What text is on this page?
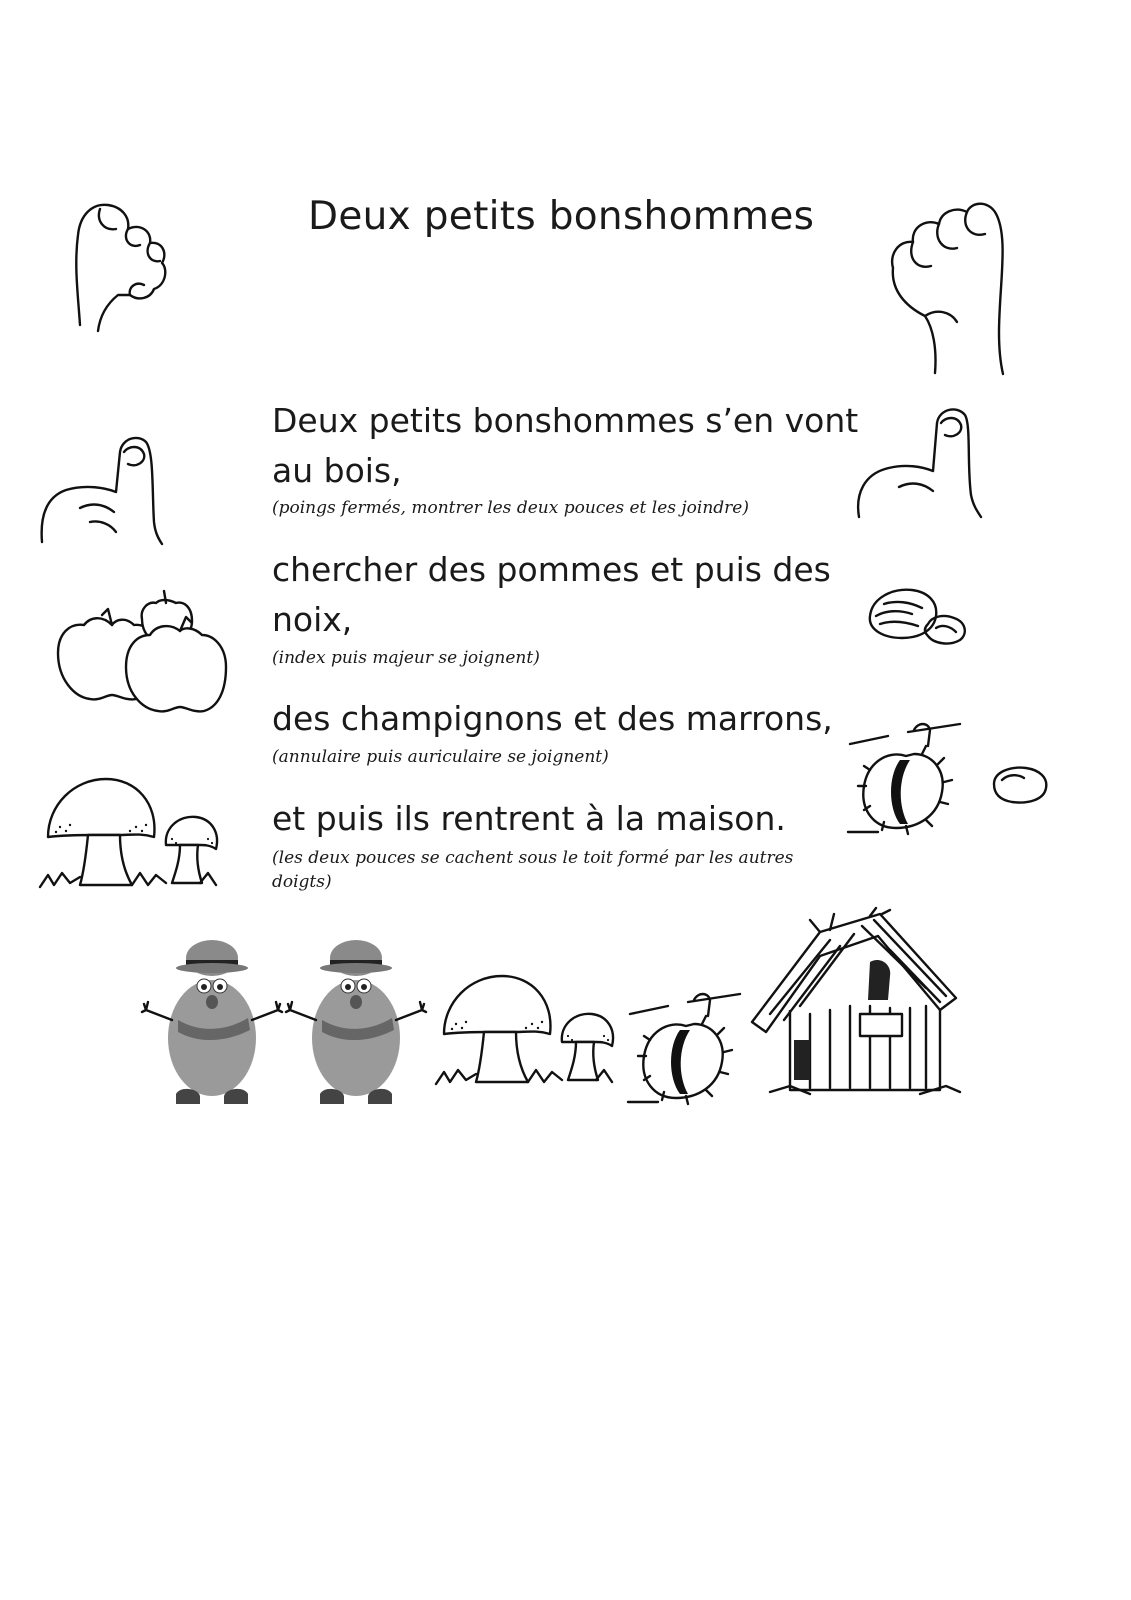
Deux petits bonshommes
Deux petits bonshommes s’en vont
au bois,
(poings fermés, montrer les deux pouces et les joindre)
chercher des pommes et puis des
noix,
(index puis majeur se joignent)
des champignons et des marrons,
(annulaire puis auriculaire se joignent)
et puis ils rentrent à la maison.
(les deux pouces se cachent sous le toit formé par les autres
doigts)
